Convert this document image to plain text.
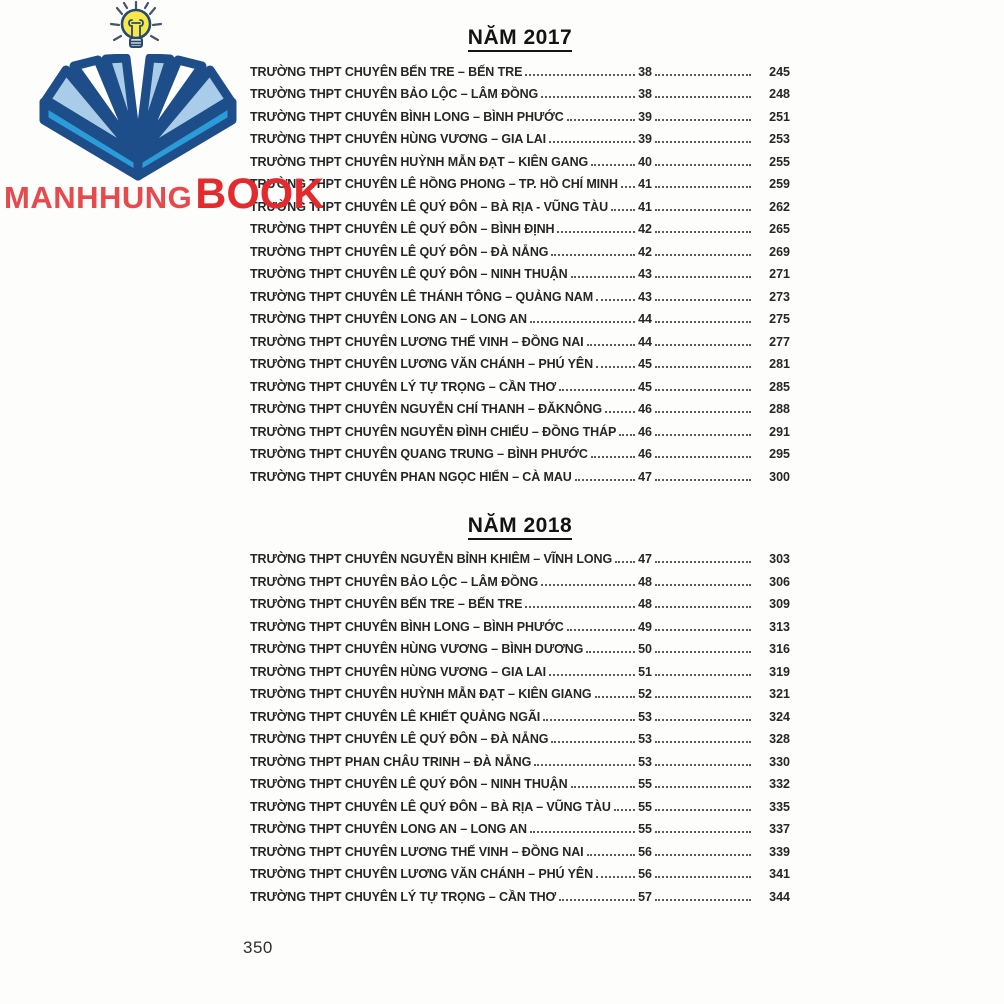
MANHHUNG BOOK
NĂM 2017
TRƯỜNG THPT CHUYÊN BẾN TRE – BẾN TRE	38	245
TRƯỜNG THPT CHUYÊN BẢO LỘC – LÂM ĐỒNG	38	248
TRƯỜNG THPT CHUYÊN BÌNH LONG – BÌNH PHƯỚC	39	251
TRƯỜNG THPT CHUYÊN HÙNG VƯƠNG – GIA LAI	39	253
TRƯỜNG THPT CHUYÊN HUỲNH MẪN ĐẠT – KIÊN GANG	40	255
TRƯỜNG THPT CHUYÊN LÊ HỒNG PHONG – TP. HỒ CHÍ MINH 41	259
TRƯỜNG THPT CHUYÊN LÊ QUÝ ĐÔN – BÀ RỊA - VŨNG TÀU 41	262
TRƯỜNG THPT CHUYÊN LÊ QUÝ ĐÔN – BÌNH ĐỊNH	42	265
TRƯỜNG THPT CHUYÊN LÊ QUÝ ĐÔN – ĐÀ NẴNG	42	269
TRƯỜNG THPT CHUYÊN LÊ QUÝ ĐÔN – NINH THUẬN	43	271
TRƯỜNG THPT CHUYÊN LÊ THÁNH TÔNG – QUẢNG NAM	43	273
TRƯỜNG THPT CHUYÊN LONG AN – LONG AN	44	275
TRƯỜNG THPT CHUYÊN LƯƠNG THẾ VINH – ĐỒNG NAI	44	277
TRƯỜNG THPT CHUYÊN LƯƠNG VĂN CHÁNH – PHÚ YÊN	45	281
TRƯỜNG THPT CHUYÊN LÝ TỰ TRỌNG – CẦN THƠ	45	285
TRƯỜNG THPT CHUYÊN NGUYỄN CHÍ THANH – ĐĂKNÔNG	46	288
TRƯỜNG THPT CHUYÊN NGUYỄN ĐÌNH CHIẾU – ĐỒNG THÁP 46	291
TRƯỜNG THPT CHUYÊN QUANG TRUNG – BÌNH PHƯỚC	46	295
TRƯỜNG THPT CHUYÊN PHAN NGỌC HIỂN – CÀ MAU	47	300
NĂM 2018
TRƯỜNG THPT CHUYÊN NGUYỄN BỈNH KHIÊM – VĨNH LONG 47	303
TRƯỜNG THPT CHUYÊN BẢO LỘC – LÂM ĐỒNG	48	306
TRƯỜNG THPT CHUYÊN BẾN TRE – BẾN TRE	48	309
TRƯỜNG THPT CHUYÊN BÌNH LONG – BÌNH PHƯỚC	49	313
TRƯỜNG THPT CHUYÊN HÙNG VƯƠNG – BÌNH DƯƠNG	50	316
TRƯỜNG THPT CHUYÊN HÙNG VƯƠNG – GIA LAI	51	319
TRƯỜNG THPT CHUYÊN HUỲNH MẪN ĐẠT – KIÊN GIANG	52	321
TRƯỜNG THPT CHUYÊN LÊ KHIẾT QUẢNG NGÃI	53	324
TRƯỜNG THPT CHUYÊN LÊ QUÝ ĐÔN – ĐÀ NẴNG	53	328
TRƯỜNG THPT PHAN CHÂU TRINH – ĐÀ NẴNG	53	330
TRƯỜNG THPT CHUYÊN LÊ QUÝ ĐÔN – NINH THUẬN	55	332
TRƯỜNG THPT CHUYÊN LÊ QUÝ ĐÔN – BÀ RỊA – VŨNG TÀU 55	335
TRƯỜNG THPT CHUYÊN LONG AN – LONG AN	55	337
TRƯỜNG THPT CHUYÊN LƯƠNG THẾ VINH – ĐỒNG NAI	56	339
TRƯỜNG THPT CHUYÊN LƯƠNG VĂN CHÁNH – PHÚ YÊN	56	341
TRƯỜNG THPT CHUYÊN LÝ TỰ TRỌNG – CẦN THƠ	57	344
350
